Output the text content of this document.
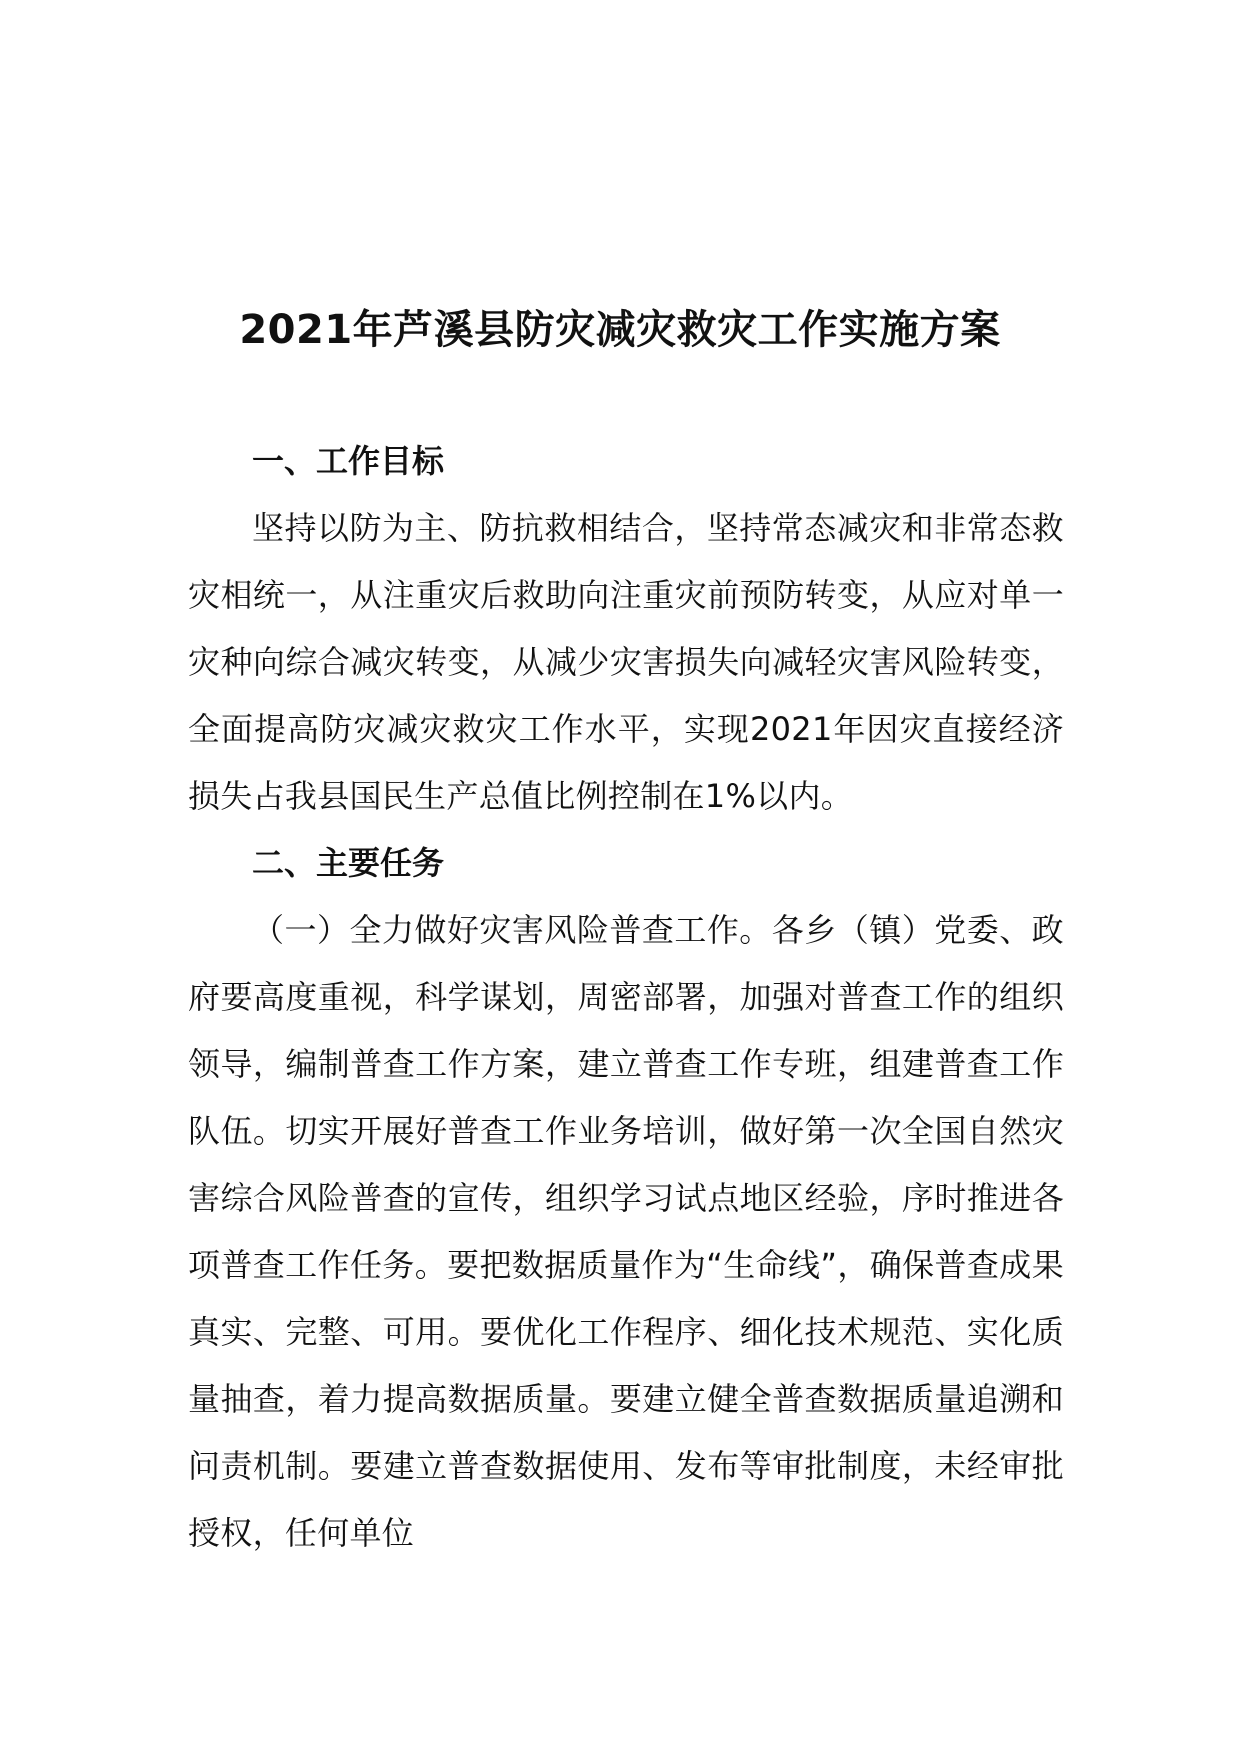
2021年芦溪县防灾减灾救灾工作实施方案
一、工作目标

坚持以防为主、防抗救相结合，坚持常态减灾和非常态救灾相统一，从注重灾后救助向注重灾前预防转变，从应对单一灾种向综合减灾转变，从减少灾害损失向减轻灾害风险转变，全面提高防灾减灾救灾工作水平，实现2021年因灾直接经济损失占我县国民生产总值比例控制在1%以内。

二、主要任务

（一）全力做好灾害风险普查工作。各乡（镇）党委、政府要高度重视，科学谋划，周密部署，加强对普查工作的组织领导，编制普查工作方案，建立普查工作专班，组建普查工作队伍。切实开展好普查工作业务培训，做好第一次全国自然灾害综合风险普查的宣传，组织学习试点地区经验，序时推进各项普查工作任务。要把数据质量作为“生命线”，确保普查成果真实、完整、可用。要优化工作程序、细化技术规范、实化质量抽查，着力提高数据质量。要建立健全普查数据质量追溯和问责机制。要建立普查数据使用、发布等审批制度，未经审批授权，任何单位
